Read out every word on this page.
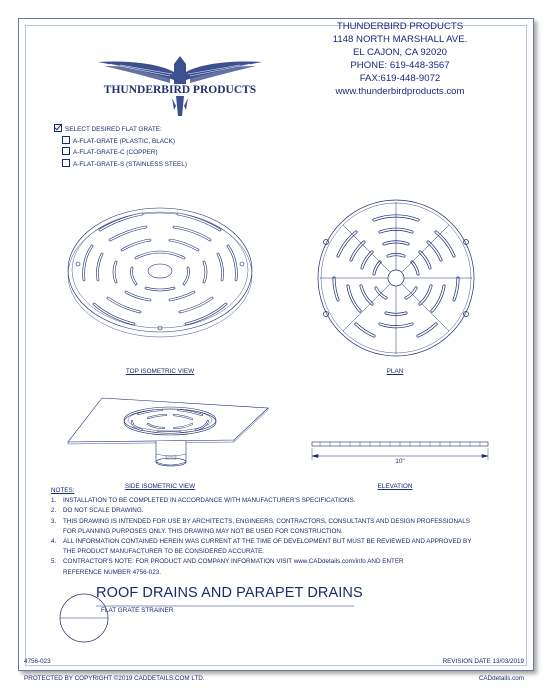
THUNDERBIRD PRODUCTS
THUNDERBIRD PRODUCTS
1148 NORTH MARSHALL AVE.
EL CAJON, CA 92020
PHONE: 619-448-3567
FAX:619-448-9072
www.thunderbirdproducts.com
SELECT DESIRED FLAT GRATE:
A-FLAT-GRATE (PLASTIC, BLACK)
A-FLAT-GRATE-C (COPPER)
A-FLAT-GRATE-S (STAINLESS STEEL)
TOP ISOMETRIC VIEW	PLAN
SIDE ISOMETRIC VIEW
10"
ELEVATION
NOTES:
1.	INSTALLATION TO BE COMPLETED IN ACCORDANCE WITH MANUFACTURER'S SPECIFICATIONS.
2.	DO NOT SCALE DRAWING.
3.	THIS DRAWING IS INTENDED FOR USE BY ARCHITECTS, ENGINEERS, CONTRACTORS, CONSULTANTS AND DESIGN PROFESSIONALS
FOR PLANNING PURPOSES ONLY. THIS DRAWING MAY NOT BE USED FOR CONSTRUCTION.
4.	ALL INFORMATION CONTAINED HEREIN WAS CURRENT AT THE TIME OF DEVELOPMENT BUT MUST BE REVIEWED AND APPROVED BY
THE PRODUCT MANUFACTURER TO BE CONSIDERED ACCURATE.
5.	CONTRACTOR'S NOTE: FOR PRODUCT AND COMPANY INFORMATION VISIT www.CADdetails.com/info AND ENTER
REFERENCE NUMBER 4756-023.
ROOF DRAINS AND PARAPET DRAINS
FLAT GRATE STRAINER
4756-023	REVISION DATE 13/03/2019
PROTECTED BY COPYRIGHT ©2019 CADDETAILS.COM LTD.	CADdetails.com
